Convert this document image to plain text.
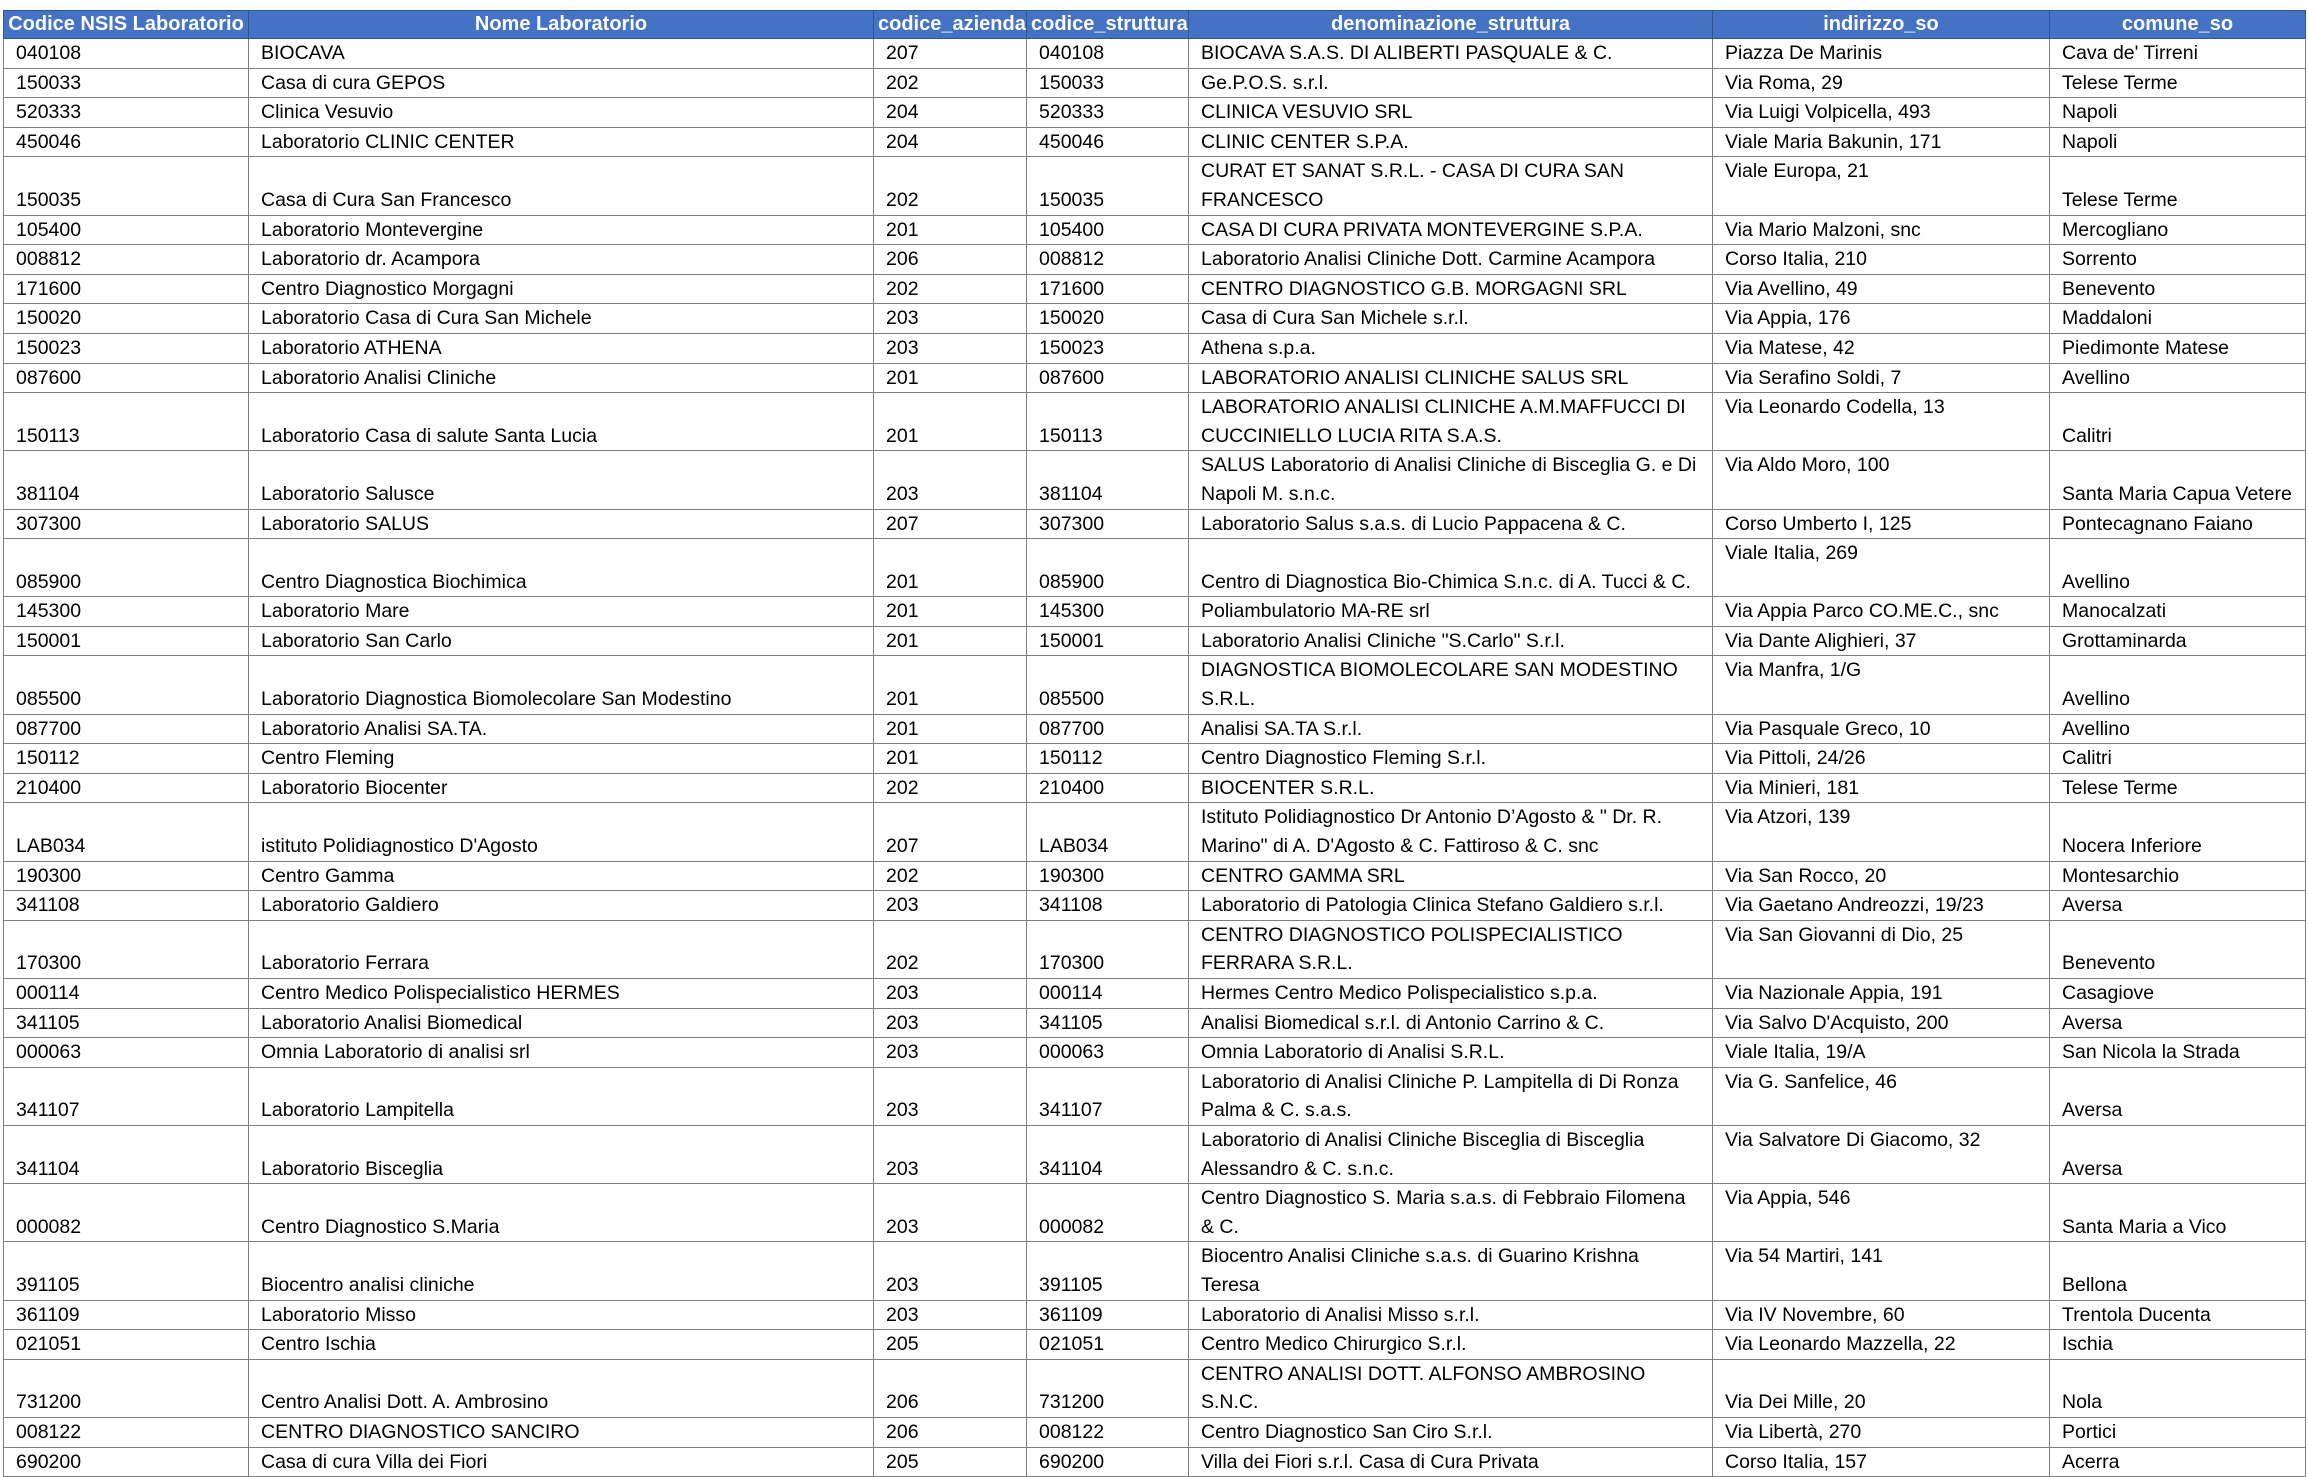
Codice NSIS Laboratorio	Nome Laboratorio	codice_azienda	codice_struttura	denominazione_struttura	indirizzo_so	comune_so
040108	BIOCAVA	207	040108	BIOCAVA S.A.S. DI ALIBERTI PASQUALE & C.	Piazza De Marinis	Cava de' Tirreni
150033	Casa di cura GEPOS	202	150033	Ge.P.O.S. s.r.l.	Via Roma, 29	Telese Terme
520333	Clinica Vesuvio	204	520333	CLINICA VESUVIO SRL	Via Luigi Volpicella, 493	Napoli
450046	Laboratorio CLINIC CENTER	204	450046	CLINIC CENTER S.P.A.	Viale Maria Bakunin, 171	Napoli
150035	Casa di Cura San Francesco	202	150035	CURAT ET SANAT S.R.L. - CASA DI CURA SAN FRANCESCO	Viale Europa, 21	Telese Terme
105400	Laboratorio Montevergine	201	105400	CASA DI CURA PRIVATA MONTEVERGINE S.P.A.	Via Mario Malzoni, snc	Mercogliano
008812	Laboratorio dr. Acampora	206	008812	Laboratorio Analisi Cliniche Dott. Carmine Acampora	Corso Italia, 210	Sorrento
171600	Centro Diagnostico Morgagni	202	171600	CENTRO DIAGNOSTICO G.B. MORGAGNI SRL	Via Avellino, 49	Benevento
150020	Laboratorio Casa di Cura San Michele	203	150020	Casa di Cura San Michele s.r.l.	Via Appia, 176	Maddaloni
150023	Laboratorio ATHENA	203	150023	Athena s.p.a.	Via Matese, 42	Piedimonte Matese
087600	Laboratorio Analisi Cliniche	201	087600	LABORATORIO ANALISI CLINICHE SALUS SRL	Via Serafino Soldi, 7	Avellino
150113	Laboratorio Casa di salute Santa Lucia	201	150113	LABORATORIO ANALISI CLINICHE A.M.MAFFUCCI DI CUCCINIELLO LUCIA RITA S.A.S.	Via Leonardo Codella, 13	Calitri
381104	Laboratorio Salusce	203	381104	SALUS Laboratorio di Analisi Cliniche di Bisceglia G. e Di Napoli M. s.n.c.	Via Aldo Moro, 100	Santa Maria Capua Vetere
307300	Laboratorio SALUS	207	307300	Laboratorio Salus s.a.s. di Lucio Pappacena & C.	Corso Umberto I, 125	Pontecagnano Faiano
085900	Centro Diagnostica Biochimica	201	085900	Centro di Diagnostica Bio-Chimica S.n.c. di A. Tucci & C.	Viale Italia, 269	Avellino
145300	Laboratorio Mare	201	145300	Poliambulatorio MA-RE srl	Via Appia Parco CO.ME.C., snc	Manocalzati
150001	Laboratorio San Carlo	201	150001	Laboratorio Analisi Cliniche "S.Carlo" S.r.l.	Via Dante Alighieri, 37	Grottaminarda
085500	Laboratorio Diagnostica Biomolecolare San Modestino	201	085500	DIAGNOSTICA BIOMOLECOLARE SAN MODESTINO S.R.L.	Via Manfra, 1/G	Avellino
087700	Laboratorio Analisi SA.TA.	201	087700	Analisi SA.TA S.r.l.	Via Pasquale Greco, 10	Avellino
150112	Centro Fleming	201	150112	Centro Diagnostico Fleming S.r.l.	Via Pittoli, 24/26	Calitri
210400	Laboratorio Biocenter	202	210400	BIOCENTER S.R.L.	Via Minieri, 181	Telese Terme
LAB034	istituto Polidiagnostico D'Agosto	207	LAB034	Istituto Polidiagnostico Dr Antonio D’Agosto & " Dr. R. Marino" di A. D'Agosto & C. Fattiroso & C. snc	Via Atzori, 139	Nocera Inferiore
190300	Centro Gamma	202	190300	CENTRO GAMMA SRL	Via San Rocco, 20	Montesarchio
341108	Laboratorio Galdiero	203	341108	Laboratorio di Patologia Clinica Stefano Galdiero s.r.l.	Via Gaetano Andreozzi, 19/23	Aversa
170300	Laboratorio Ferrara	202	170300	CENTRO DIAGNOSTICO POLISPECIALISTICO FERRARA S.R.L.	Via San Giovanni di Dio, 25	Benevento
000114	Centro Medico Polispecialistico HERMES	203	000114	Hermes Centro Medico Polispecialistico s.p.a.	Via Nazionale Appia, 191	Casagiove
341105	Laboratorio Analisi Biomedical	203	341105	Analisi Biomedical s.r.l. di Antonio Carrino & C.	Via Salvo D'Acquisto, 200	Aversa
000063	Omnia Laboratorio di analisi srl	203	000063	Omnia Laboratorio di Analisi S.R.L.	Viale Italia, 19/A	San Nicola la Strada
341107	Laboratorio Lampitella	203	341107	Laboratorio di Analisi Cliniche P. Lampitella di Di Ronza Palma & C. s.a.s.	Via G. Sanfelice, 46	Aversa
341104	Laboratorio Bisceglia	203	341104	Laboratorio di Analisi Cliniche Bisceglia di Bisceglia Alessandro & C. s.n.c.	Via Salvatore Di Giacomo, 32	Aversa
000082	Centro Diagnostico S.Maria	203	000082	Centro Diagnostico S. Maria s.a.s. di Febbraio Filomena & C.	Via Appia, 546	Santa Maria a Vico
391105	Biocentro analisi cliniche	203	391105	Biocentro Analisi Cliniche s.a.s. di Guarino Krishna Teresa	Via 54 Martiri, 141	Bellona
361109	Laboratorio Misso	203	361109	Laboratorio di Analisi Misso s.r.l.	Via IV Novembre, 60	Trentola Ducenta
021051	Centro Ischia	205	021051	Centro Medico Chirurgico S.r.l.	Via Leonardo Mazzella, 22	Ischia
731200	Centro Analisi Dott. A. Ambrosino	206	731200	CENTRO ANALISI DOTT. ALFONSO AMBROSINO S.N.C.	Via Dei Mille, 20	Nola
008122	CENTRO DIAGNOSTICO SANCIRO	206	008122	Centro Diagnostico San Ciro S.r.l.	Via Libertà, 270	Portici
690200	Casa di cura Villa dei Fiori	205	690200	Villa dei Fiori s.r.l. Casa di Cura Privata	Corso Italia, 157	Acerra
